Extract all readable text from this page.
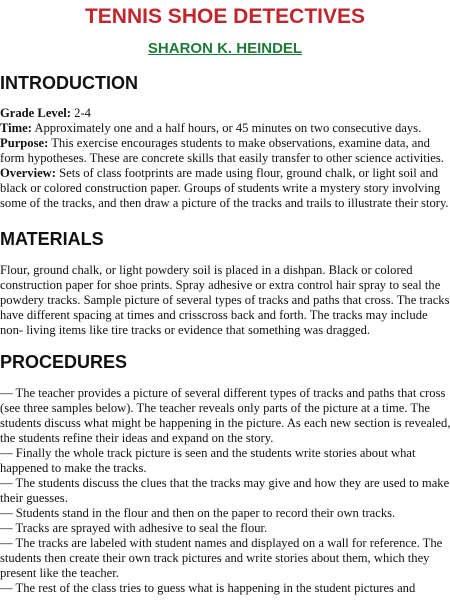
TENNIS SHOE DETECTIVES
SHARON K. HEINDEL
INTRODUCTION
Grade Level: 2-4
Time: Approximately one and a half hours, or 45 minutes on two consecutive days.
Purpose: This exercise encourages students to make observations, examine data, and
form hypotheses. These are concrete skills that easily transfer to other science activities.
Overview: Sets of class footprints are made using flour, ground chalk, or light soil and
black or colored construction paper. Groups of students write a mystery story involving
some of the tracks, and then draw a picture of the tracks and trails to illustrate their story.
MATERIALS
Flour, ground chalk, or light powdery soil is placed in a dishpan. Black or colored
construction paper for shoe prints. Spray adhesive or extra control hair spray to seal the
powdery tracks. Sample picture of several types of tracks and paths that cross. The tracks
have different spacing at times and crisscross back and forth. The tracks may include
non- living items like tire tracks or evidence that something was dragged.
PROCEDURES
— The teacher provides a picture of several different types of tracks and paths that cross
(see three samples below). The teacher reveals only parts of the picture at a time. The
students discuss what might be happening in the picture. As each new section is revealed,
the students refine their ideas and expand on the story.
— Finally the whole track picture is seen and the students write stories about what
happened to make the tracks.
— The students discuss the clues that the tracks may give and how they are used to make
their guesses.
— Students stand in the flour and then on the paper to record their own tracks.
— Tracks are sprayed with adhesive to seal the flour.
— The tracks are labeled with student names and displayed on a wall for reference. The
students then create their own track pictures and write stories about them, which they
present like the teacher.
— The rest of the class tries to guess what is happening in the student pictures and
